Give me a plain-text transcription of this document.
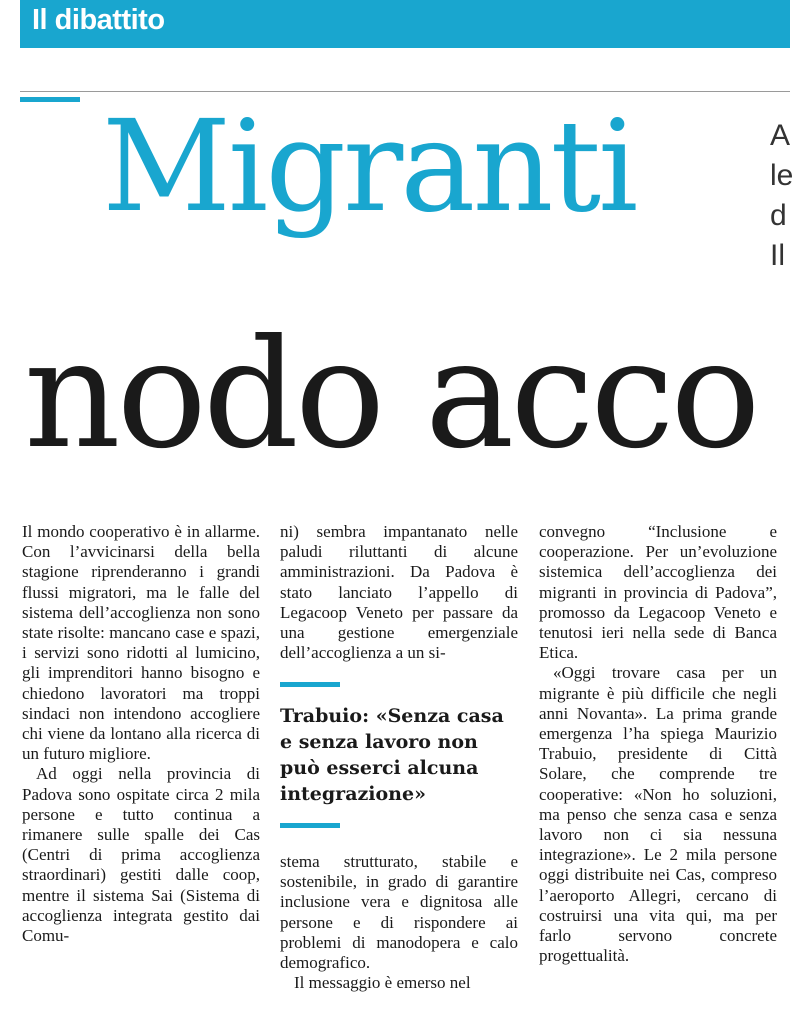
Il dibattito
Migranti
nodo acco
A
le
d
Il

Il mondo cooperativo è in allarme. Con l’avvicinarsi della bella stagione riprenderanno i grandi flussi migratori, ma le falle del sistema dell’accoglienza non sono state risolte: mancano case e spazi, i servizi sono ridotti al lumicino, gli imprenditori hanno bisogno e chiedono lavoratori ma troppi sindaci non intendono accogliere chi viene da lontano alla ricerca di un futuro migliore.

Ad oggi nella provincia di Padova sono ospitate circa 2 mila persone e tutto continua a rimanere sulle spalle dei Cas (Centri di prima accoglienza straordinari) gestiti dalle coop, mentre il sistema Sai (Sistema di accoglienza integrata gestito dai Comu-

ni) sembra impantanato nelle paludi riluttanti di alcune amministrazioni. Da Padova è stato lanciato l’appello di Legacoop Veneto per passare da una gestione emergenziale dell’accoglienza a un si-

Trabuio: «Senza casa e senza lavoro non può esserci alcuna integrazione»

stema strutturato, stabile e sostenibile, in grado di garantire inclusione vera e dignitosa alle persone e di rispondere ai problemi di manodopera e calo demografico.

Il messaggio è emerso nel

convegno “Inclusione e cooperazione. Per un’evoluzione sistemica dell’accoglienza dei migranti in provincia di Padova”, promosso da Legacoop Veneto e tenutosi ieri nella sede di Banca Etica.

«Oggi trovare casa per un migrante è più difficile che negli anni Novanta». La prima grande emergenza l’ha spiega Maurizio Trabuio, presidente di Città Solare, che comprende tre cooperative: «Non ho soluzioni, ma penso che senza casa e senza lavoro non ci sia nessuna integrazione». Le 2 mila persone oggi distribuite nei Cas, compreso l’aeroporto Allegri, cercano di costruirsi una vita qui, ma per farlo servono concrete progettualità.
